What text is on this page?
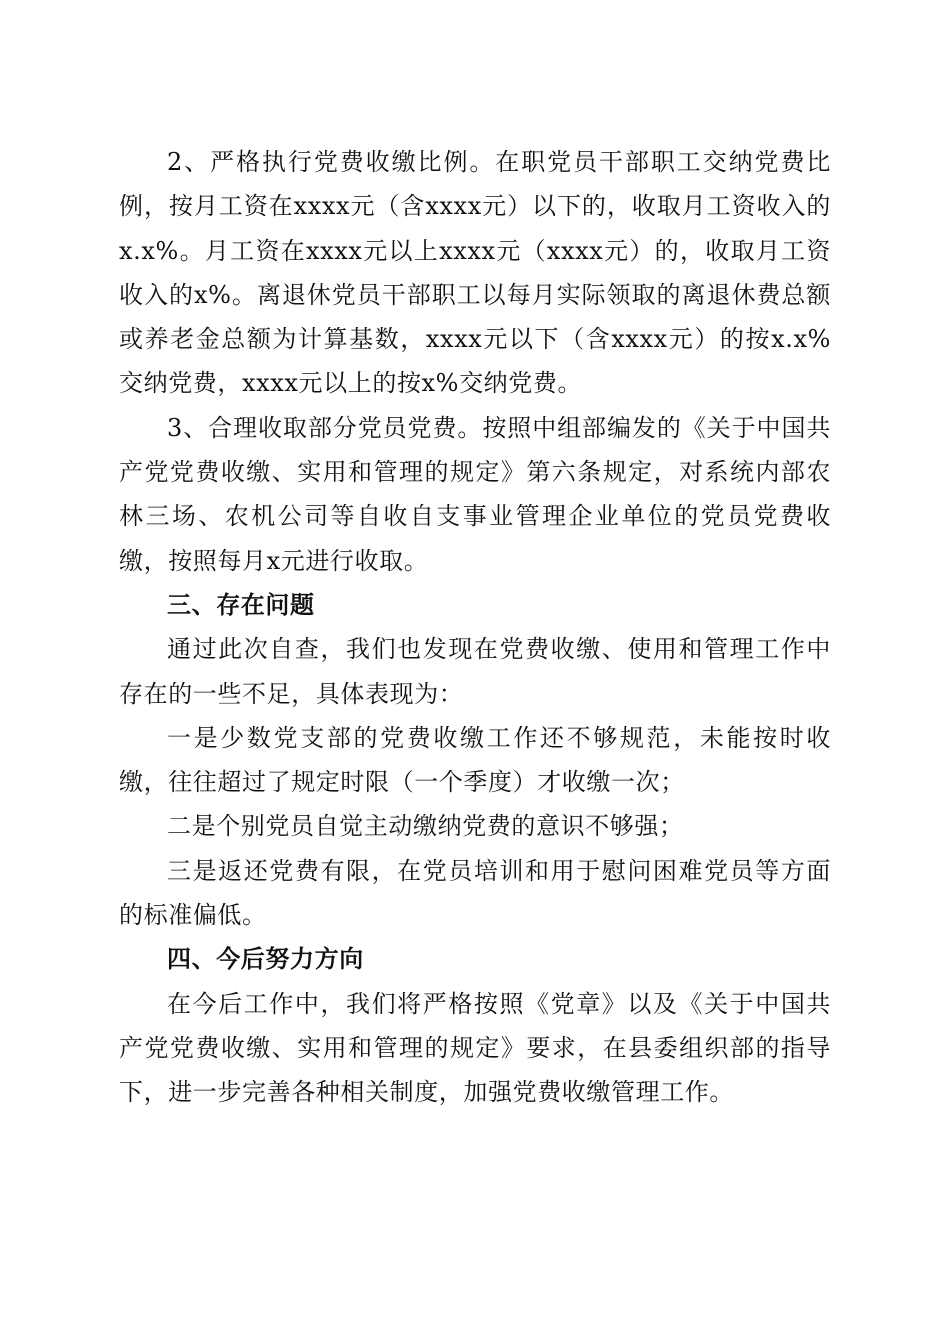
2、严格执行党费收缴比例。在职党员干部职工交纳党费比例，按月工资在xxxx元（含xxxx元）以下的，收取月工资收入的x.x%。月工资在xxxx元以上xxxx元（xxxx元）的，收取月工资收入的x%。离退休党员干部职工以每月实际领取的离退休费总额或养老金总额为计算基数，xxxx元以下（含xxxx元）的按x.x%交纳党费，xxxx元以上的按x%交纳党费。

3、合理收取部分党员党费。按照中组部编发的《关于中国共产党党费收缴、实用和管理的规定》第六条规定，对系统内部农林三场、农机公司等自收自支事业管理企业单位的党员党费收缴，按照每月x元进行收取。

三、存在问题

通过此次自查，我们也发现在党费收缴、使用和管理工作中存在的一些不足，具体表现为：

一是少数党支部的党费收缴工作还不够规范，未能按时收缴，往往超过了规定时限（一个季度）才收缴一次；

二是个别党员自觉主动缴纳党费的意识不够强；

三是返还党费有限，在党员培训和用于慰问困难党员等方面的标准偏低。

四、今后努力方向

在今后工作中，我们将严格按照《党章》以及《关于中国共产党党费收缴、实用和管理的规定》要求，在县委组织部的指导下，进一步完善各种相关制度，加强党费收缴管理工作。
